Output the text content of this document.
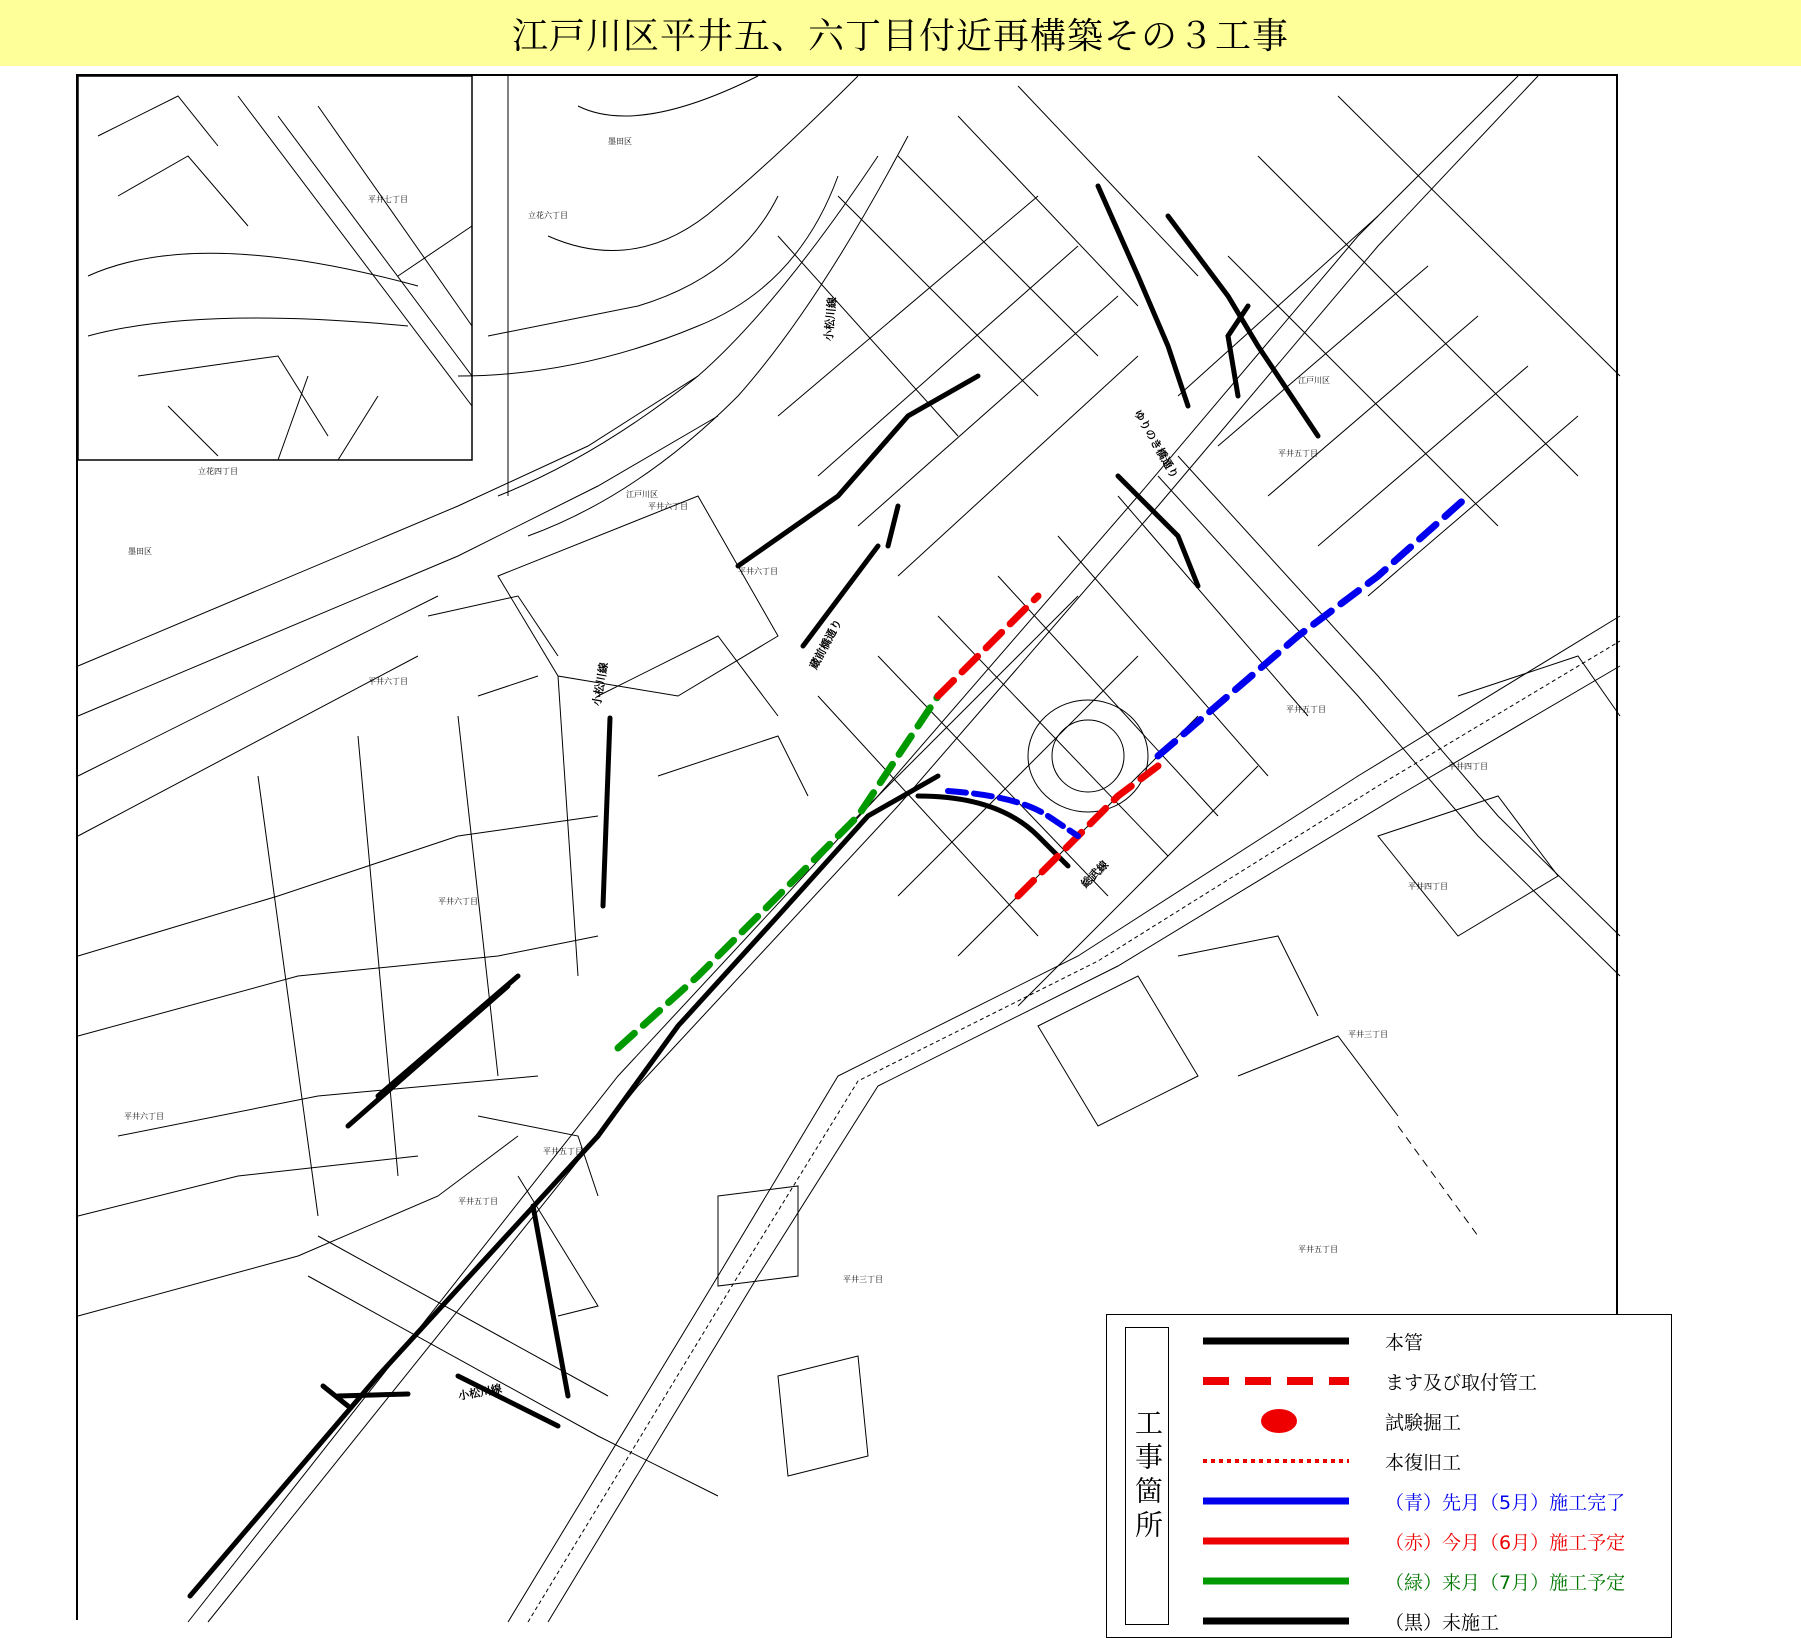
江戸川区平井五、六丁目付近再構築その３工事
平井七丁目
立花六丁目
墨田区
立花四丁目
墨田区
江戸川区
平井六丁目
平井六丁目
平井六丁目
平井六丁目
平井六丁目
平井五丁目
江戸川区
平井五丁目
平井五丁目
平井四丁目
平井四丁目
平井三丁目
平井三丁目
平井五丁目
平井五丁目
小松川線
小松川線
蔵前橋通り
ゆりのき橋通り
小松川線
総武線
工事箇所
本管
ます及び取付管工
試験掘工
本復旧工
（青）先月（5月）施工完了
（赤）今月（6月）施工予定
（緑）来月（7月）施工予定
（黒）未施工
